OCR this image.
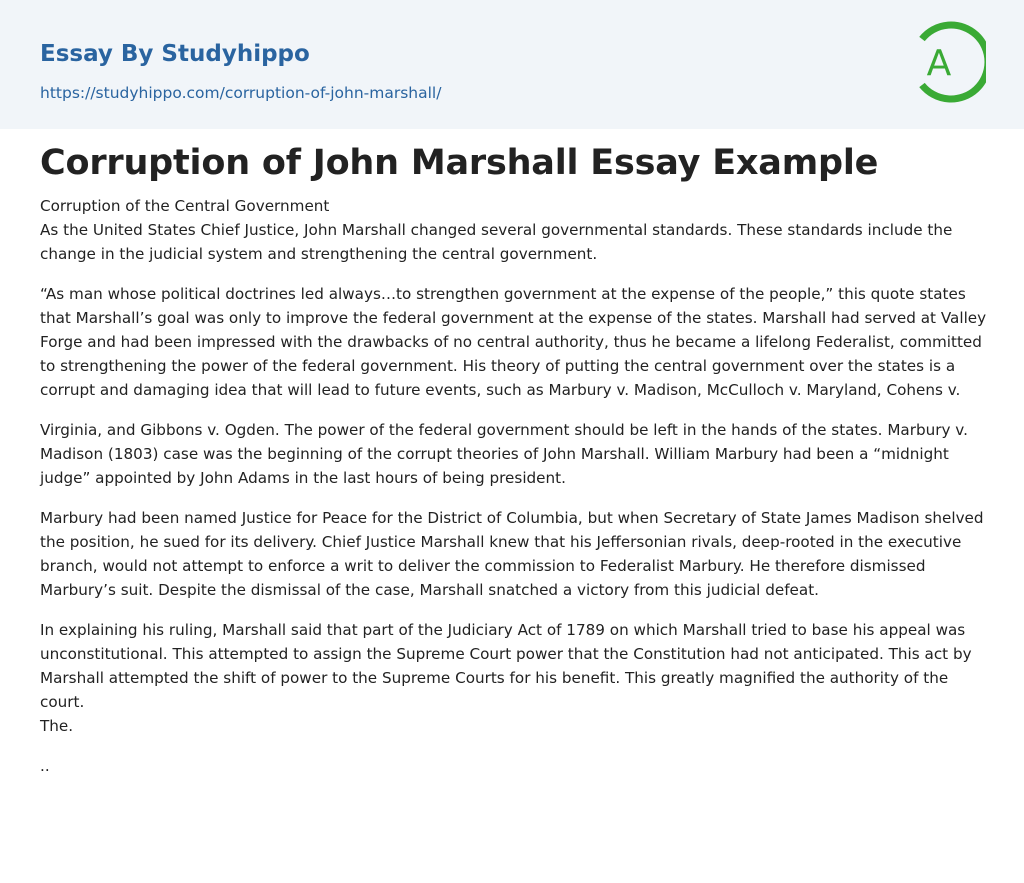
Essay By Studyhippo
https://studyhippo.com/corruption-of-john-marshall/
A
Corruption of John Marshall Essay Example

Corruption of the Central Government
As the United States Chief Justice, John Marshall changed several governmental standards. These standards include the change in the judicial system and strengthening the central government.

“As man whose political doctrines led always…to strengthen government at the expense of the people,” this quote states that Marshall’s goal was only to improve the federal government at the expense of the states. Marshall had served at Valley Forge and had been impressed with the drawbacks of no central authority, thus he became a lifelong Federalist, committed to strengthening the power of the federal government. His theory of putting the central government over the states is a corrupt and damaging idea that will lead to future events, such as Marbury v. Madison, McCulloch v. Maryland, Cohens v.

Virginia, and Gibbons v. Ogden. The power of the federal government should be left in the hands of the states. Marbury v. Madison (1803) case was the beginning of the corrupt theories of John Marshall. William Marbury had been a “midnight judge” appointed by John Adams in the last hours of being president.

Marbury had been named Justice for Peace for the District of Columbia, but when Secretary of State James Madison shelved the position, he sued for its delivery. Chief Justice Marshall knew that his Jeffersonian rivals, deep-rooted in the executive branch, would not attempt to enforce a writ to deliver the commission to Federalist Marbury. He therefore dismissed Marbury’s suit. Despite the dismissal of the case, Marshall snatched a victory from this judicial defeat.

In explaining his ruling, Marshall said that part of the Judiciary Act of 1789 on which Marshall tried to base his appeal was unconstitutional. This attempted to assign the Supreme Court power that the Constitution had not anticipated. This act by Marshall attempted the shift of power to the Supreme Courts for his benefit. This greatly magnified the authority of the court.
The.

..
